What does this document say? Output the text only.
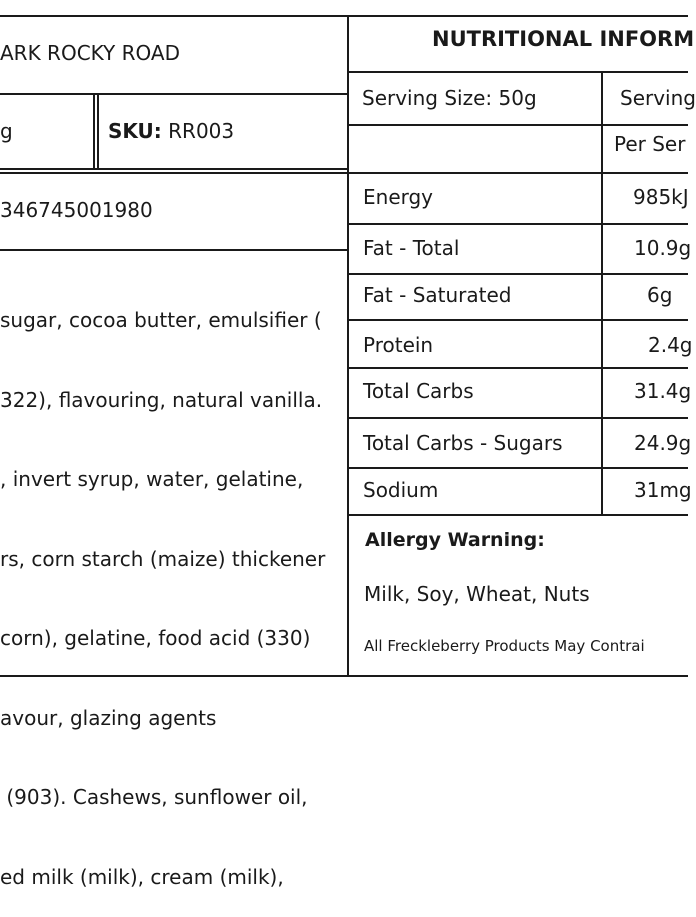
ARK ROCKY ROAD
g	SKU: RR003
346745001980

sugar, cocoa butter, emulsifier (

322), flavouring, natural vanilla.

, invert syrup, water, gelatine,

rs, corn starch (maize) thickener

corn), gelatine, food acid (330)

avour, glazing agents

(903). Cashews, sunflower oil,

ed milk (milk), cream (milk),

NUTRITIONAL INFORM
Serving Size: 50g	Serving
Per Ser
Energy	985kJ
Fat - Total	10.9g
Fat - Saturated	6g
Protein	2.4g
Total Carbs	31.4g
Total Carbs - Sugars	24.9g
Sodium	31mg
Allergy Warning:
Milk, Soy, Wheat, Nuts
All Freckleberry Products May Contrai
